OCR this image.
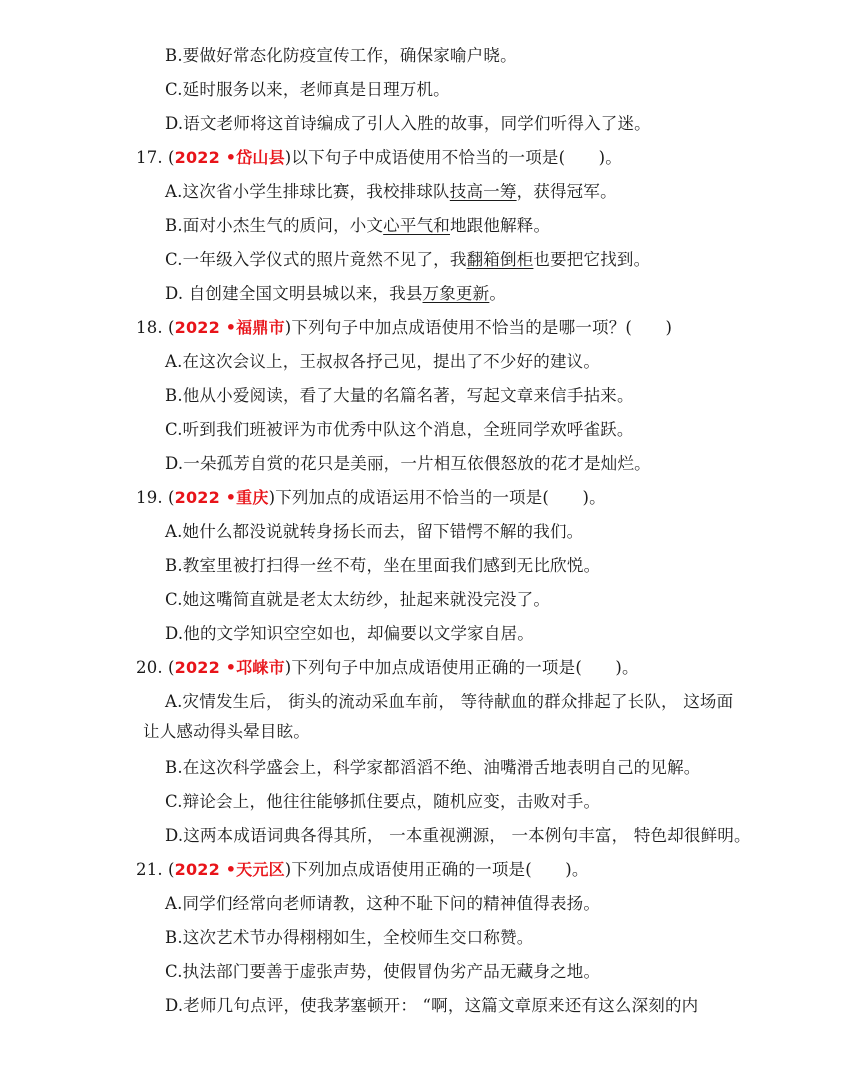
B.要做好常态化防疫宣传工作，确保家喻户晓。
C.延时服务以来，老师真是日理万机。
D.语文老师将这首诗编成了引人入胜的故事，同学们听得入了迷。
17. (2022 •岱山县)以下句子中成语使用不恰当的一项是(　　)。
A.这次省小学生排球比赛，我校排球队技高一筹，获得冠军。
B.面对小杰生气的质问，小文心平气和地跟他解释。
C.一年级入学仪式的照片竟然不见了，我翻箱倒柜也要把它找到。
D. 自创建全国文明县城以来，我县万象更新。
18. (2022 •福鼎市)下列句子中加点成语使用不恰当的是哪一项？(　　)
A.在这次会议上，王叔叔各抒己见，提出了不少好的建议。
B.他从小爱阅读，看了大量的名篇名著，写起文章来信手拈来。
C.听到我们班被评为市优秀中队这个消息，全班同学欢呼雀跃。
D.一朵孤芳自赏的花只是美丽，一片相互依偎怒放的花才是灿烂。
19. (2022 •重庆)下列加点的成语运用不恰当的一项是(　　)。
A.她什么都没说就转身扬长而去，留下错愕不解的我们。
B.教室里被打扫得一丝不苟，坐在里面我们感到无比欣悦。
C.她这嘴简直就是老太太纺纱，扯起来就没完没了。
D.他的文学知识空空如也，却偏要以文学家自居。
20. (2022 •邛崃市)下列句子中加点成语使用正确的一项是(　　)。
A.灾情发生后， 街头的流动采血车前， 等待献血的群众排起了长队， 这场面
让人感动得头晕目眩。
B.在这次科学盛会上，科学家都滔滔不绝、油嘴滑舌地表明自己的见解。
C.辩论会上，他往往能够抓住要点，随机应变，击败对手。
D.这两本成语词典各得其所， 一本重视溯源， 一本例句丰富， 特色却很鲜明。
21. (2022 •天元区)下列加点成语使用正确的一项是(　　)。
A.同学们经常向老师请教，这种不耻下问的精神值得表扬。
B.这次艺术节办得栩栩如生，全校师生交口称赞。
C.执法部门要善于虚张声势，使假冒伪劣产品无藏身之地。
D.老师几句点评，使我茅塞顿开： “啊，这篇文章原来还有这么深刻的内
